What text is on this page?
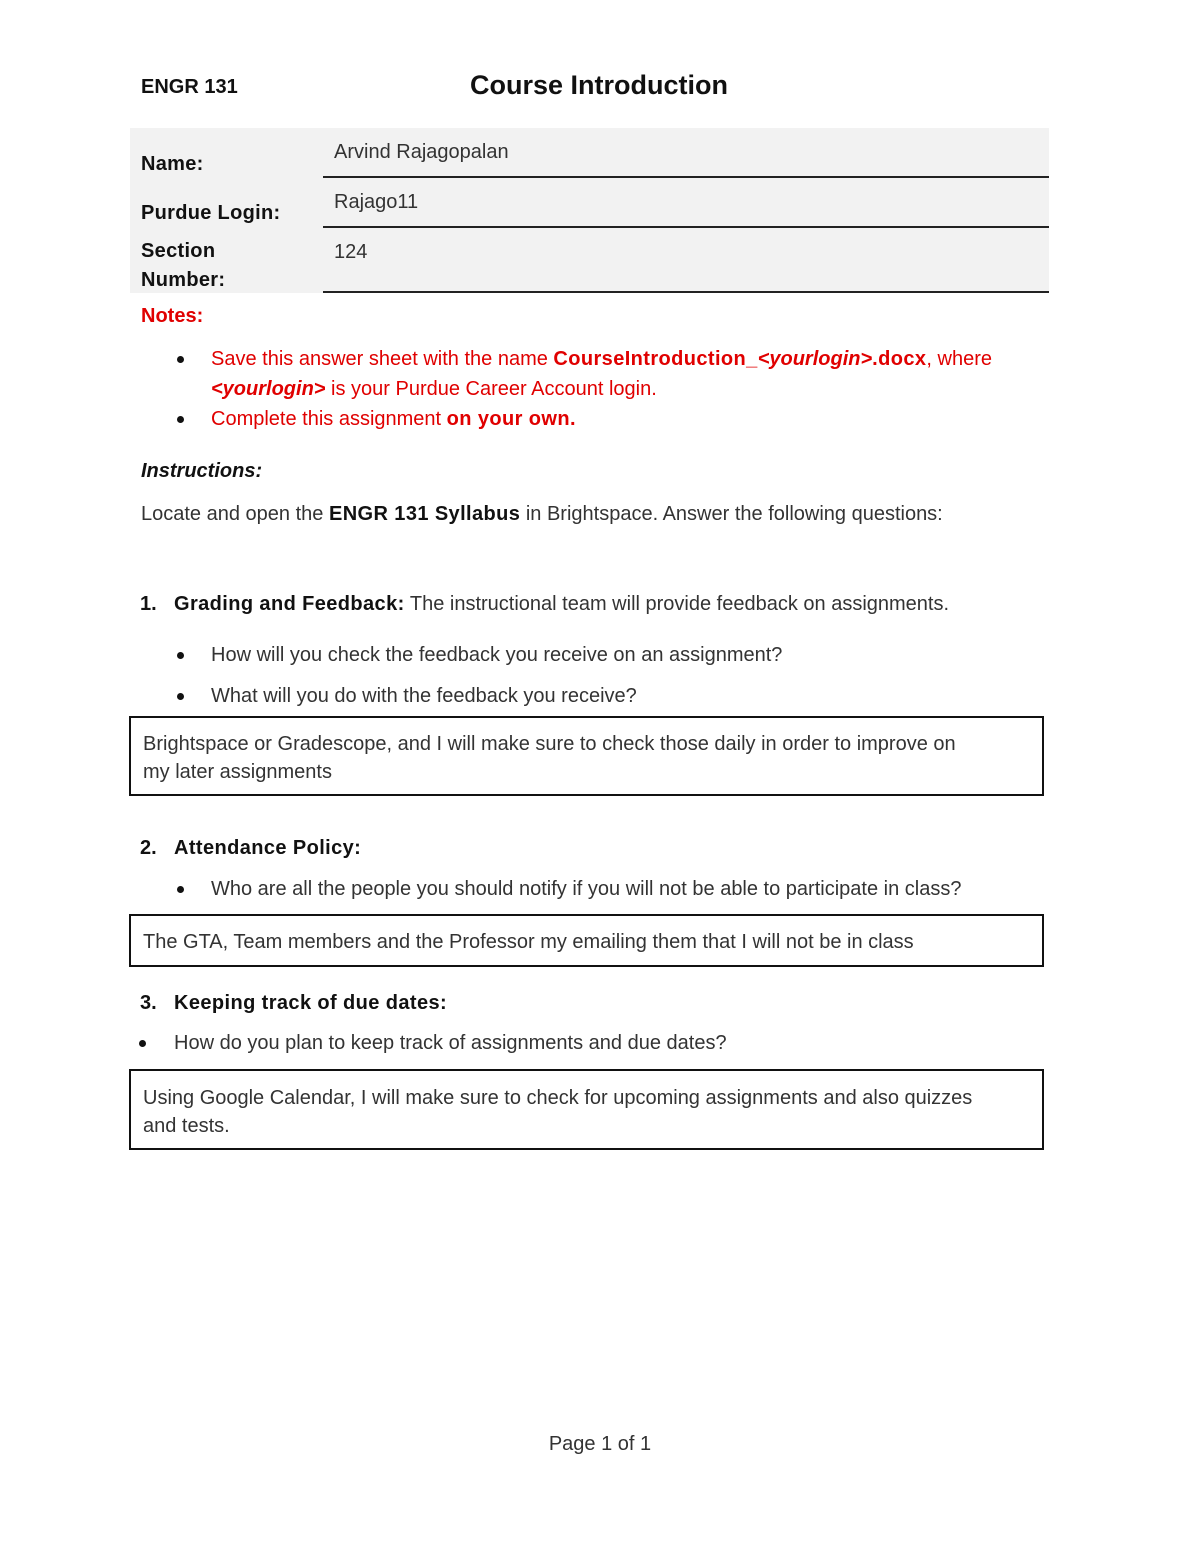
ENGR 131	Course Introduction
Name:
Arvind Rajagopalan
Purdue Login:	Rajago11
Section
Number:
124
Notes:
Save this answer sheet with the name CourseIntroduction_<yourlogin>.docx, where
<yourlogin> is your Purdue Career Account login.
Complete this assignment on your own.
Instructions:
Locate and open the ENGR 131 Syllabus in Brightspace. Answer the following questions:
1. Grading and Feedback: The instructional team will provide feedback on assignments.
How will you check the feedback you receive on an assignment?
What will you do with the feedback you receive?
Brightspace or Gradescope, and I will make sure to check those daily in order to improve on
my later assignments
2. Attendance Policy:
Who are all the people you should notify if you will not be able to participate in class?
The GTA, Team members and the Professor my emailing them that I will not be in class
3. Keeping track of due dates:
How do you plan to keep track of assignments and due dates?
Using Google Calendar, I will make sure to check for upcoming assignments and also quizzes
and tests.
Page 1 of 1
